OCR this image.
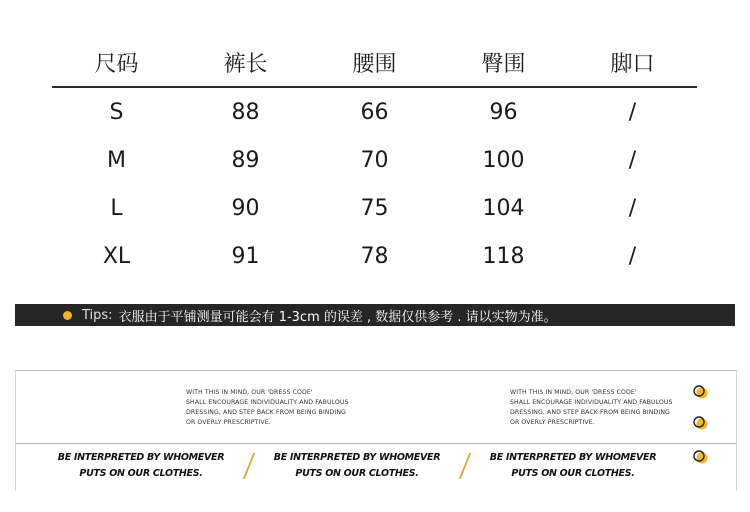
尺码	裤长	腰围	臀围	脚口
S	88	66	96	/
M	89	70	100	/
L	90	75	104	/
XL	91	78	118	/
Tips: 衣服由于平铺测量可能会有 1-3cm 的误差 , 数据仅供参考 . 请以实物为准。

WITH THIS IN MIND, OUR 'DRESS CODE'

SHALL ENCOURAGE INDIVIDUALITY AND FABULOUS

DRESSING, AND STEP BACK FROM BEING BINDING

OR OVERLY PRESCRIPTIVE.

WITH THIS IN MIND, OUR 'DRESS CODE'

SHALL ENCOURAGE INDIVIDUALITY AND FABULOUS

DRESSING, AND STEP BACK FROM BEING BINDING

OR OVERLY PRESCRIPTIVE.

BE INTERPRETED BY WHOMEVER

PUTS ON OUR CLOTHES.

BE INTERPRETED BY WHOMEVER

PUTS ON OUR CLOTHES.

BE INTERPRETED BY WHOMEVER

PUTS ON OUR CLOTHES.
